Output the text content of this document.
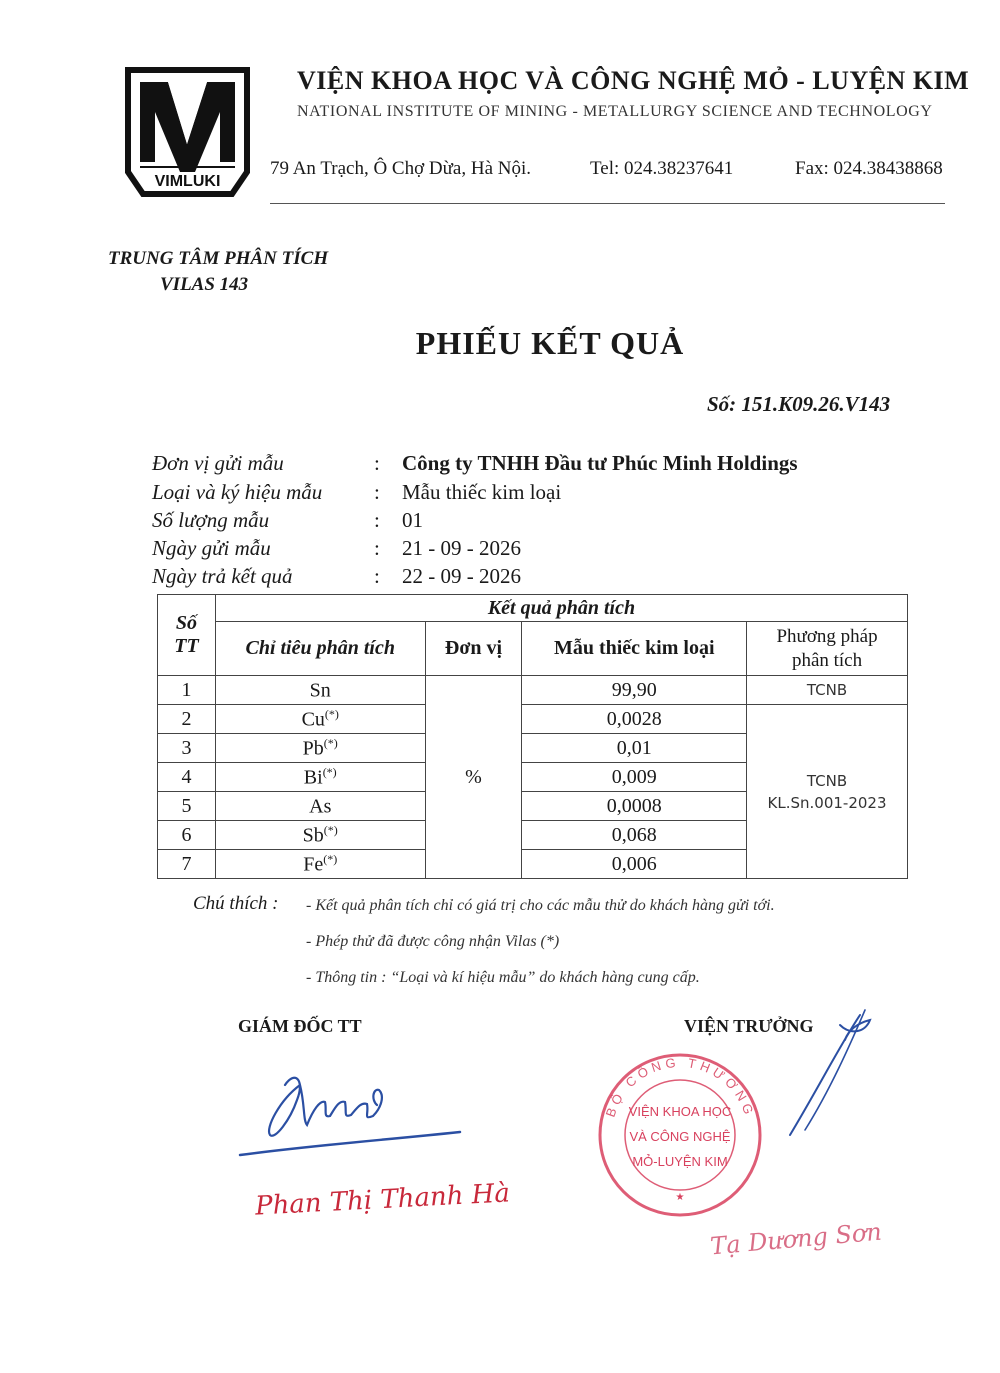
VIMLUKI
VIỆN KHOA HỌC VÀ CÔNG NGHỆ MỎ - LUYỆN KIM
NATIONAL INSTITUTE OF MINING - METALLURGY SCIENCE AND TECHNOLOGY
79 An Trạch, Ô Chợ Dừa, Hà Nội.	Tel: 024.38237641	Fax: 024.38438868
TRUNG TÂM PHÂN TÍCH
VILAS 143
PHIẾU KẾT QUẢ
Số: 151.K09.26.V143
Đơn vị gửi mẫu	: Công ty TNHH Đầu tư Phúc Minh Holdings
Loại và ký hiệu mẫu : Mẫu thiếc kim loại
Số lượng mẫu	: 01
Ngày gửi mẫu	: 21 - 09 - 2026
Ngày trả kết quả	: 22 - 09 - 2026
Số
TT	Kết quả phân tích			
	Chỉ tiêu phân tích	Đơn vị	Mẫu thiếc kim loại	Phương pháp
phân tích

1	Sn	%	99,90	TCNB
2	Cu(*)		0,0028	TCNB KL.Sn.001-2023

3	Pb(*)		0,01	
4	Bi(*)		0,009	
5	As		0,0008	
6	Sb(*)		0,068	
7	Fe(*)		0,006	
Chú thích : - Kết quả phân tích chỉ có giá trị cho các mẫu thử do khách hàng gửi tới.
- Phép thử đã được công nhận Vilas (*)
- Thông tin : “Loại và kí hiệu mẫu” do khách hàng cung cấp.
GIÁM ĐỐC TT	VIỆN TRƯỞNG
Phan Thị Thanh Hà
BỘ CÔNG THƯƠNG
VIỆN KHOA HỌC
VÀ CÔNG NGHỆ
MỎ-LUYỆN KIM
★
Tạ Dương Sơn
